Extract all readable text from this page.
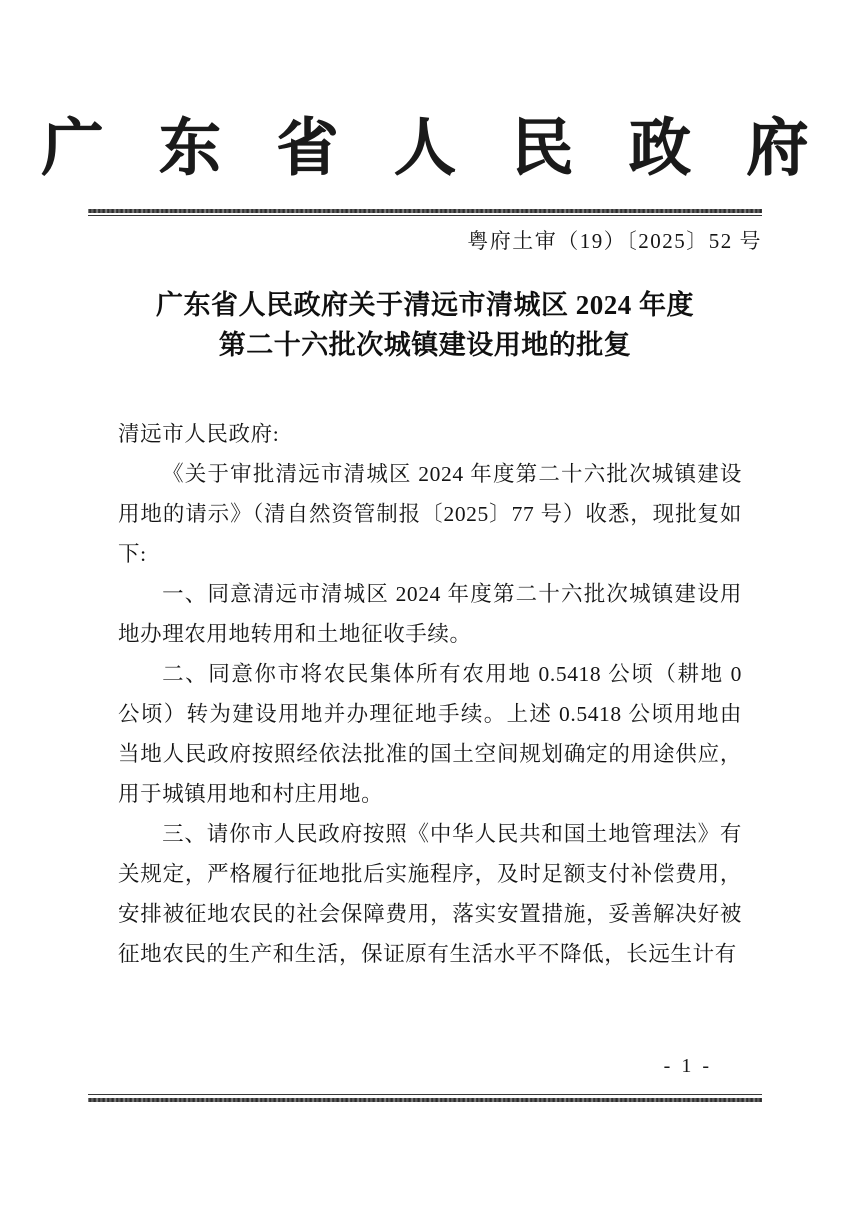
广 东 省 人 民 政 府
粤府土审（19）〔2025〕52 号
广东省人民政府关于清远市清城区 2024 年度
第二十六批次城镇建设用地的批复

清远市人民政府:

《关于审批清远市清城区 2024 年度第二十六批次城镇建设用地的请示》（清自然资管制报〔2025〕77 号）收悉，现批复如下:

一、同意清远市清城区 2024 年度第二十六批次城镇建设用地办理农用地转用和土地征收手续。

二、同意你市将农民集体所有农用地 0.5418 公顷（耕地 0 公顷）转为建设用地并办理征地手续。上述 0.5418 公顷用地由当地人民政府按照经依法批准的国土空间规划确定的用途供应，用于城镇用地和村庄用地。

三、请你市人民政府按照《中华人民共和国土地管理法》有关规定，严格履行征地批后实施程序，及时足额支付补偿费用，安排被征地农民的社会保障费用，落实安置措施，妥善解决好被征地农民的生产和生活，保证原有生活水平不降低，长远生计有

- 1 -
